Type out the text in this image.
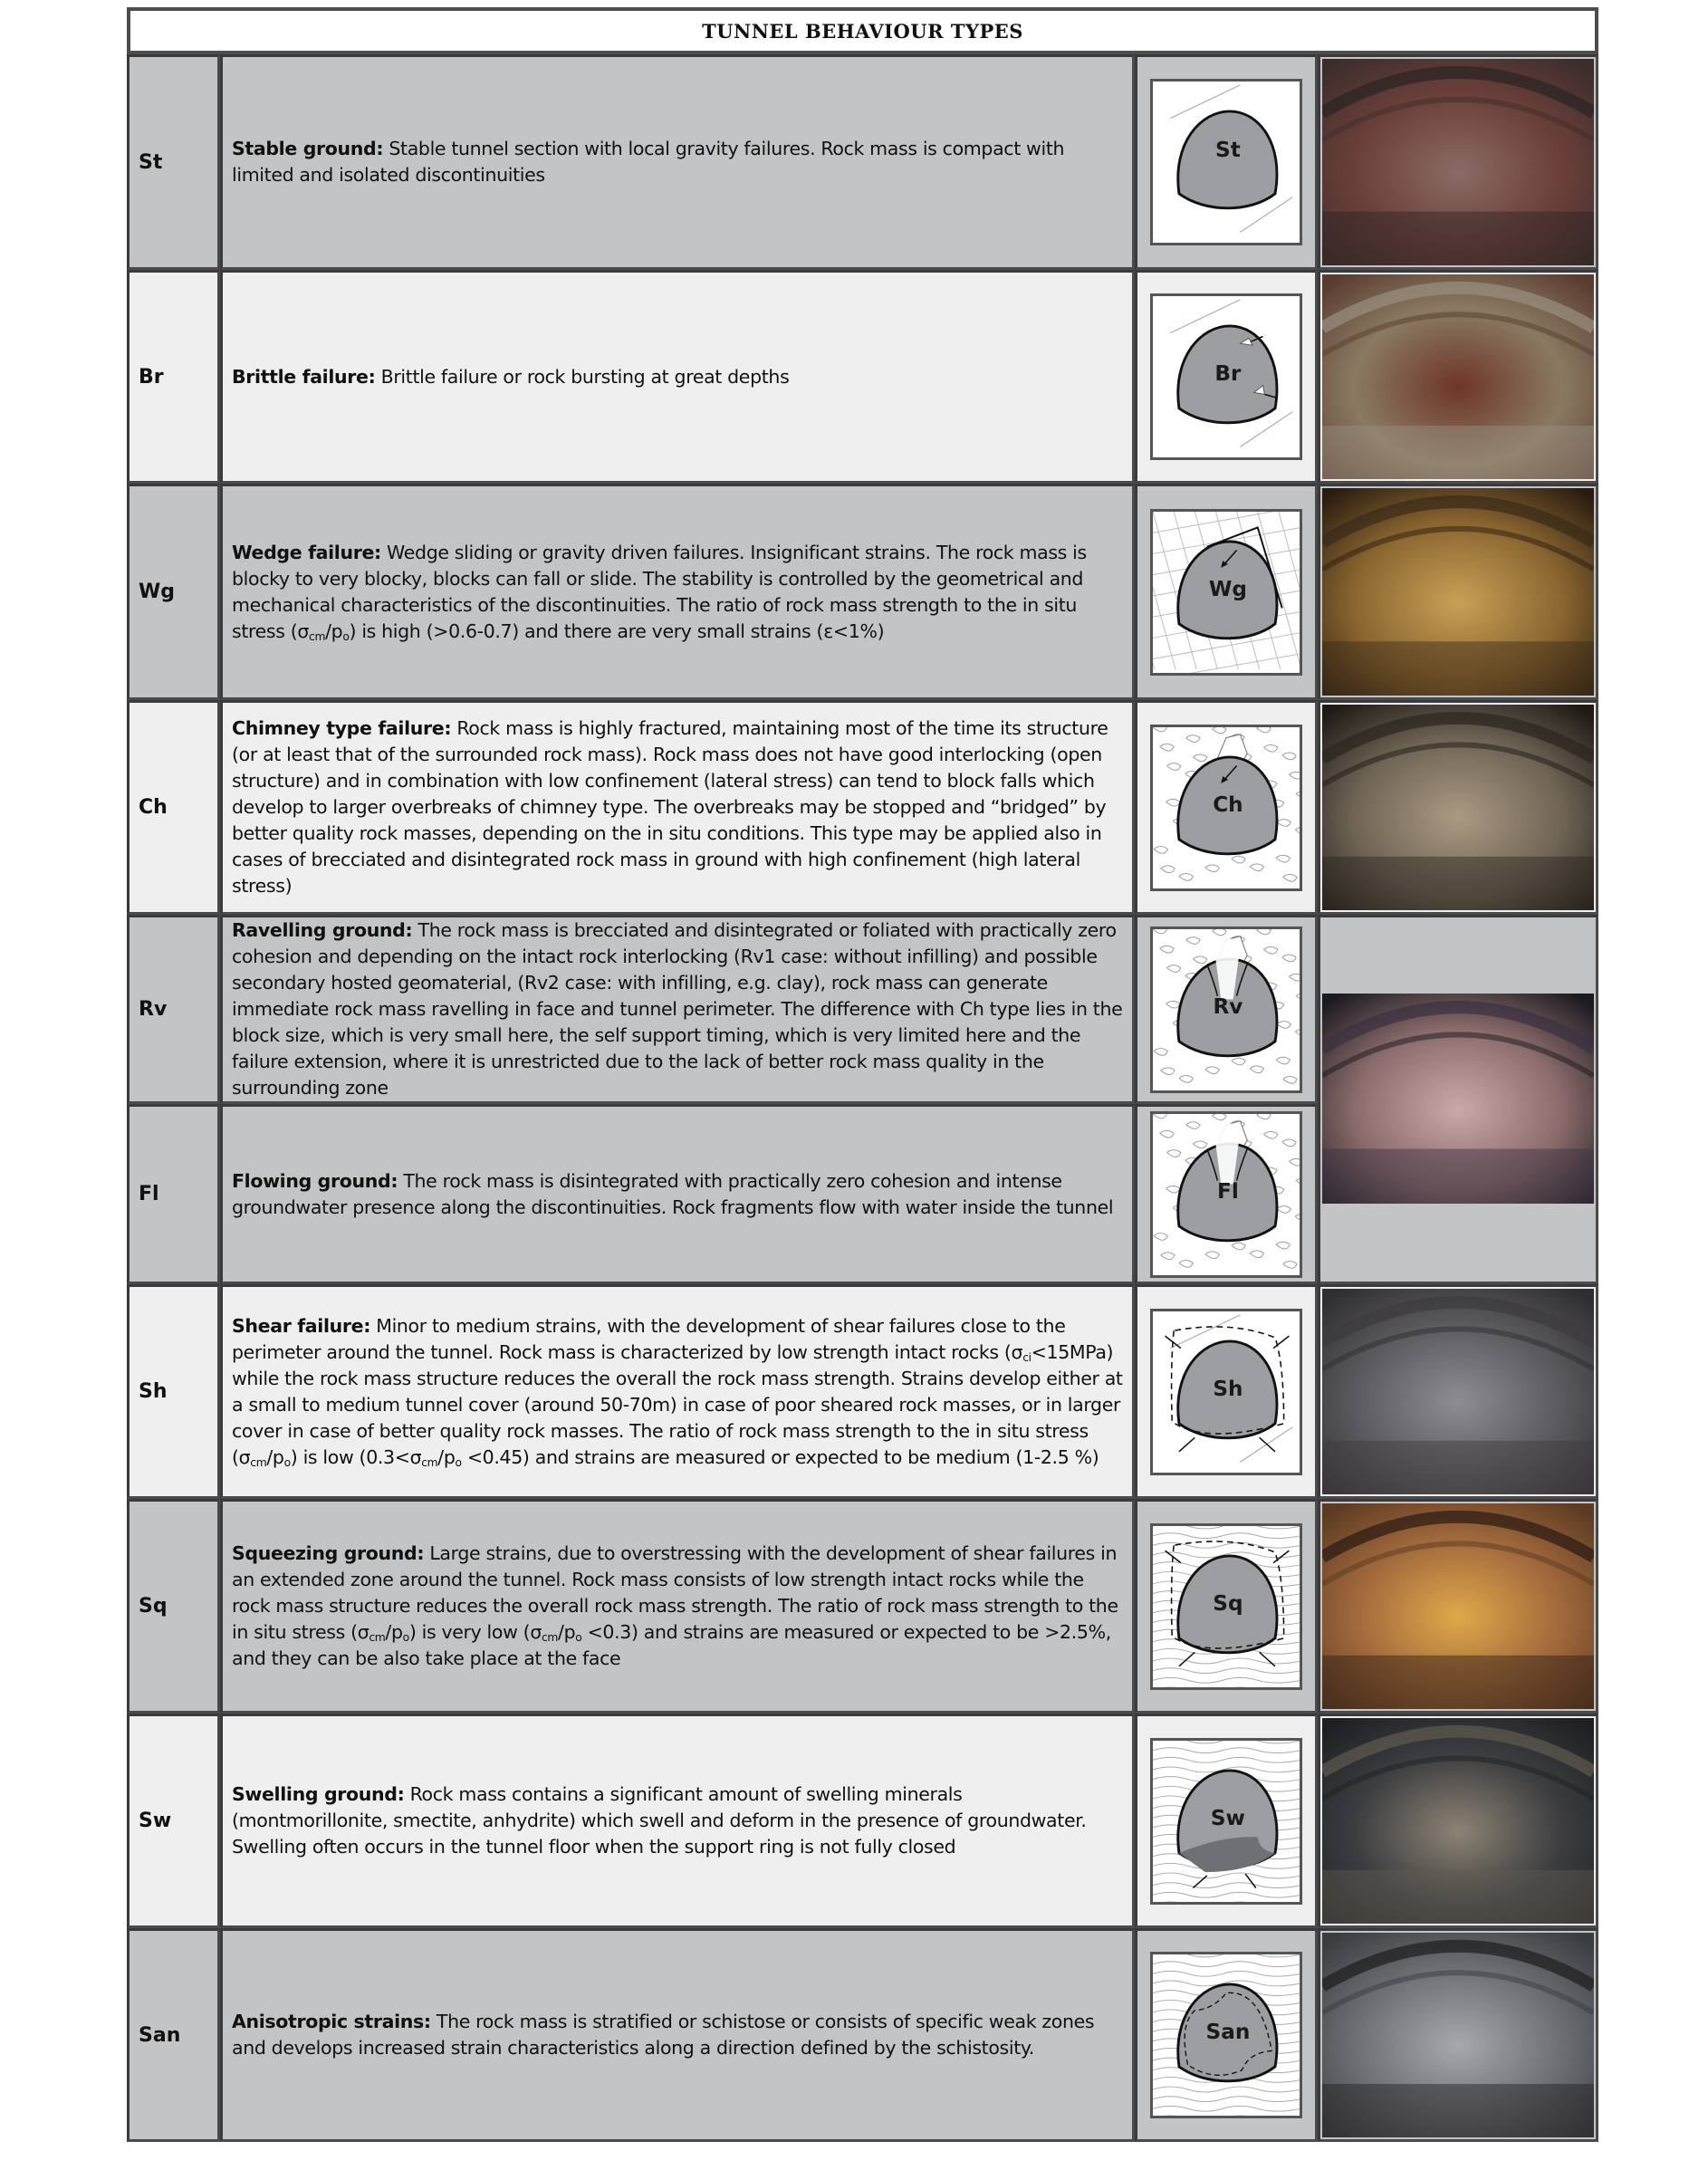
TUNNEL BEHAVIOUR TYPES
St

Stable ground: Stable tunnel section with local gravity failures. Rock mass is compact with limited and isolated discontinuities

St
Br	Brittle failure: Brittle failure or rock bursting at great depths	Br
Wg

Wedge failure: Wedge sliding or gravity driven failures. Insignificant strains. The rock mass is blocky to very blocky, blocks can fall or slide. The stability is controlled by the geometrical and mechanical characteristics of the discontinuities. The ratio of rock mass strength to the in situ stress $(\sigma_{cm}/p_o)$ is high (>0.6-0.7) and there are very small strains (ε<1%)

Wg
Ch

Chimney type failure: Rock mass is highly fractured, maintaining most of the time its structure (or at least that of the surrounded rock mass). Rock mass does not have good interlocking (open structure) and in combination with low confinement (lateral stress) can tend to block falls which develop to larger overbreaks of chimney type. The overbreaks may be stopped and “bridged” by better quality rock masses, depending on the in situ conditions. This type may be applied also in cases of brecciated and disintegrated rock mass in ground with high confinement (high lateral stress)

Ch
Rv

Ravelling ground: The rock mass is brecciated and disintegrated or foliated with practically zero cohesion and depending on the intact rock interlocking (Rv1 case: without infilling) and possible secondary hosted geomaterial, (Rv2 case: with infilling, e.g. clay), rock mass can generate immediate rock mass ravelling in face and tunnel perimeter. The difference with Ch type lies in the block size, which is very small here, the self support timing, which is very limited here and the failure extension, where it is unrestricted due to the lack of better rock mass quality in the surrounding zone

Rv
Fl

Flowing ground: The rock mass is disintegrated with practically zero cohesion and intense groundwater presence along the discontinuities. Rock fragments flow with water inside the tunnel

Fl
Sh

Shear failure: Minor to medium strains, with the development of shear failures close to the perimeter around the tunnel. Rock mass is characterized by low strength intact rocks $(\sigma_{ci}<15MPa)$ while the rock mass structure reduces the overall the rock mass strength. Strains develop either at a small to medium tunnel cover (around 50-70m) in case of poor sheared rock masses, or in larger cover in case of better quality rock masses. The ratio of rock mass strength to the in situ stress $(\sigma_{cm}/p_o)$ is low $(0.3<\sigma_{cm}/p_o <0.45)$ and strains are measured or expected to be medium (1-2.5 %)

Sh
Sq

Squeezing ground: Large strains, due to overstressing with the development of shear failures in an extended zone around the tunnel. Rock mass consists of low strength intact rocks while the rock mass structure reduces the overall rock mass strength. The ratio of rock mass strength to the in situ stress $(\sigma_{cm}/p_o)$ is very low $(\sigma_{cm}/p_o <0.3)$ and strains are measured or expected to be >2.5%, and they can be also take place at the face

Sq
Sw

Swelling ground: Rock mass contains a significant amount of swelling minerals (montmorillonite, smectite, anhydrite) which swell and deform in the presence of groundwater. Swelling often occurs in the tunnel floor when the support ring is not fully closed

Sw
San

Anisotropic strains: The rock mass is stratified or schistose or consists of specific weak zones and develops increased strain characteristics along a direction defined by the schistosity.

San
